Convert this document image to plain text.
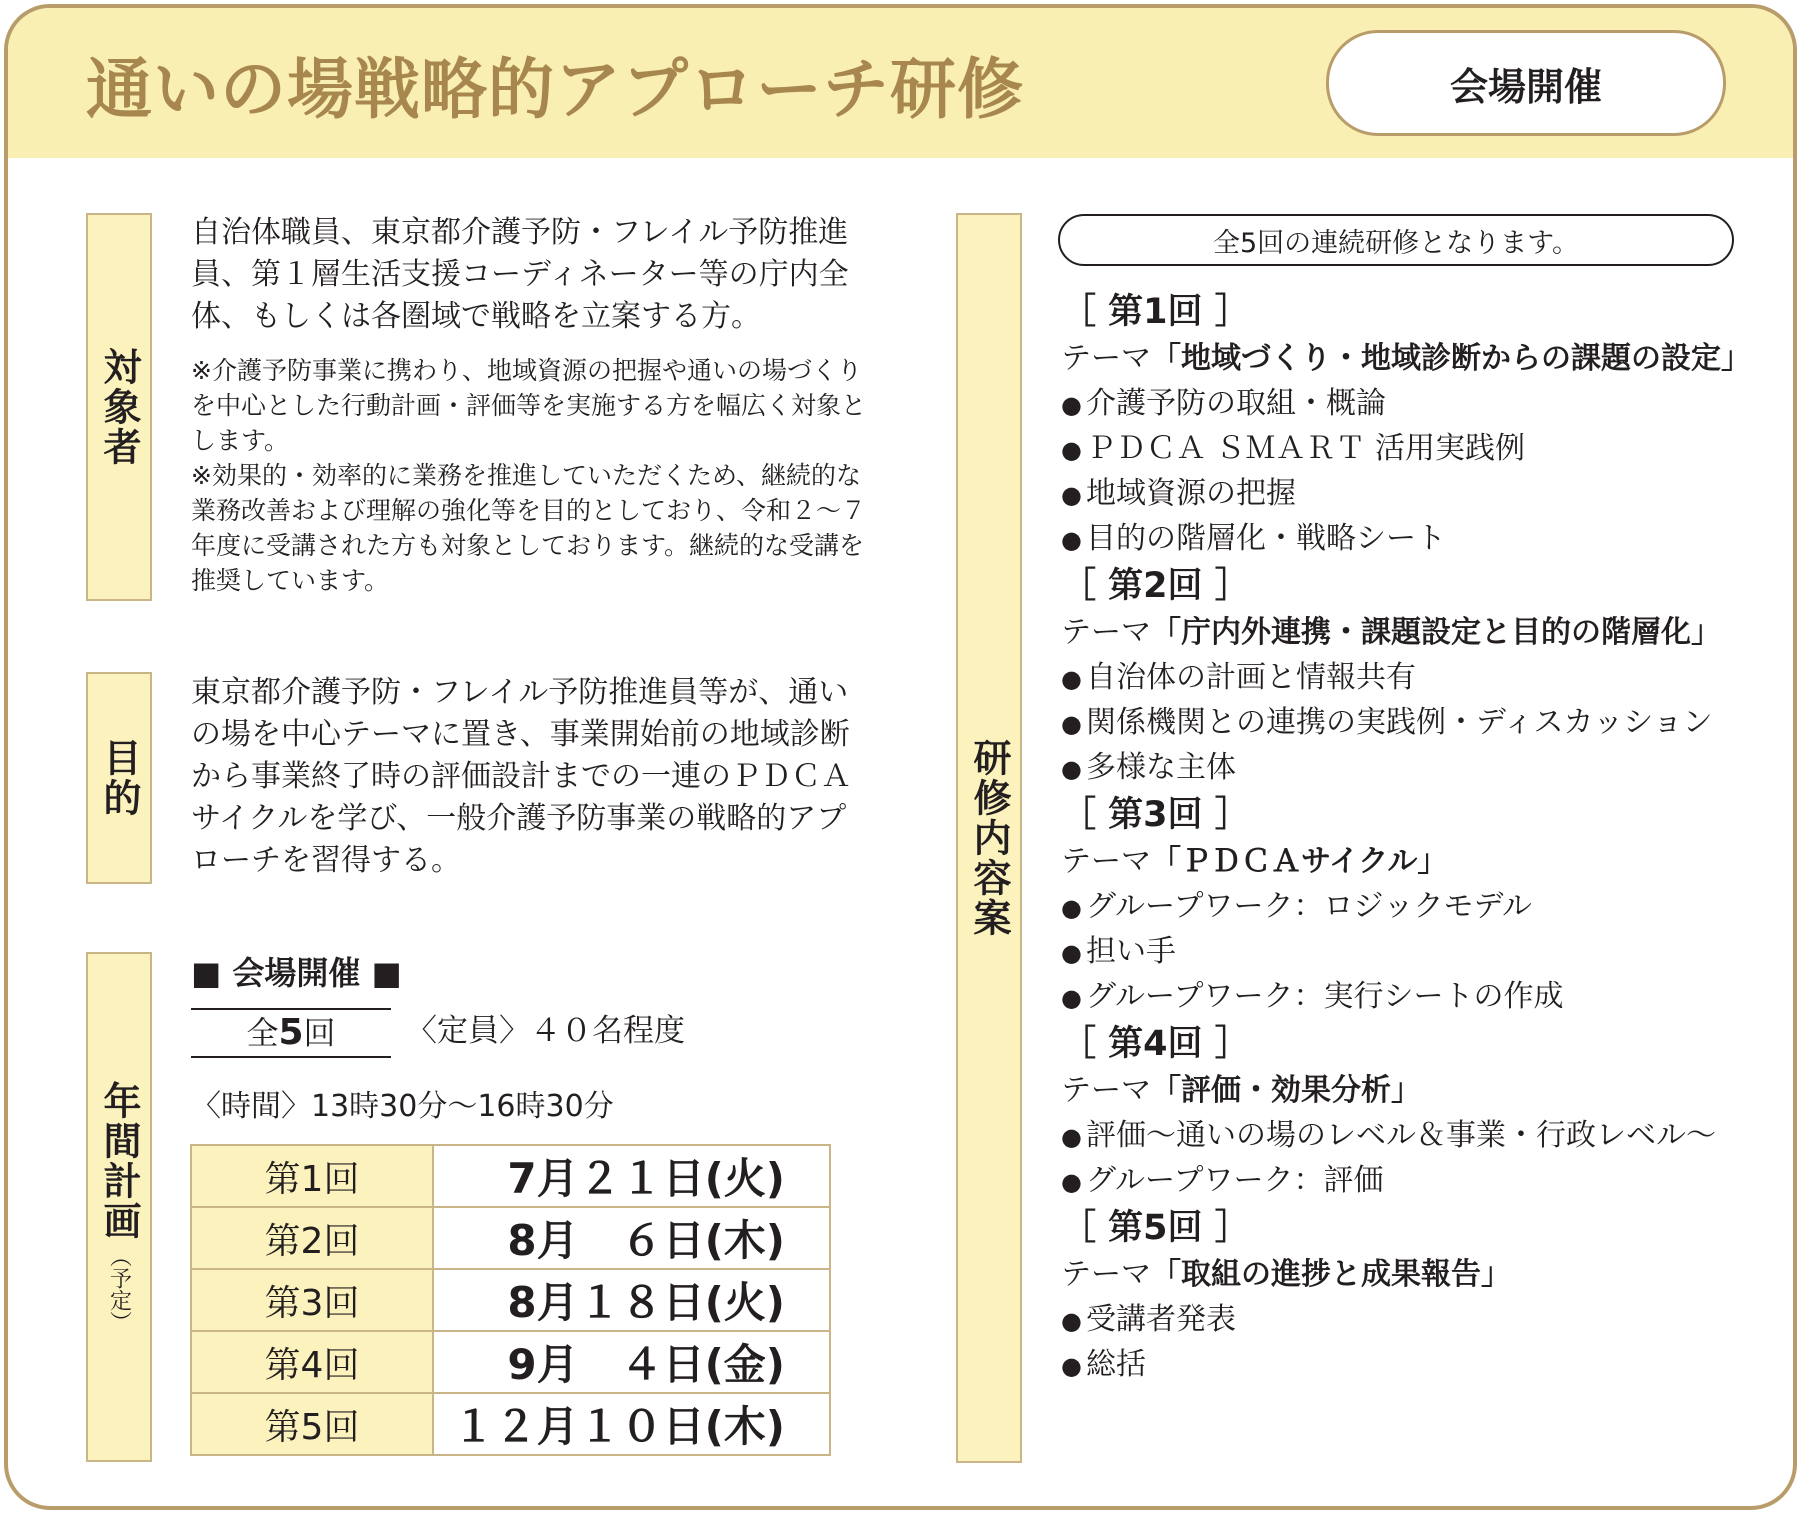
通いの場戦略的アプローチ研修	会場開催
対象者
自治体職員、東京都介護予防・フレイル予防推進員、第１層生活支援コーディネーター等の庁内全体、もしくは各圏域で戦略を立案する方。
※介護予防事業に携わり、地域資源の把握や通いの場づくりを中心とした行動計画・評価等を実施する方を幅広く対象とします。
※効果的・効率的に業務を推進していただくため、継続的な業務改善および理解の強化等を目的としており、令和２〜７年度に受講された方も対象としております。継続的な受講を推奨しています。
目的
東京都介護予防・フレイル予防推進員等が、通いの場を中心テーマに置き、事業開始前の地域診断から事業終了時の評価設計までの一連のＰＤＣＡサイクルを学び、一般介護予防事業の戦略的アプローチを習得する。
年間計画
（予定）
■ 会場開催 ■
全5回	〈定員〉４０名程度
〈時間〉13時30分〜16時30分
第1回	7月２１日(火)
第2回	8月　６日(木)
第3回	8月１８日(火)
第4回	9月　４日(金)
第5回	１２月１０日(木)
研修内容案
全5回の連続研修となります。
［ 第1回 ］
テーマ「地域づくり・地域診断からの課題の設定」
● 介護予防の取組・概論
● ＰＤＣＡ ＳＭＡＲＴ 活用実践例
● 地域資源の把握
● 目的の階層化・戦略シート
［ 第2回 ］
テーマ「庁内外連携・課題設定と目的の階層化」
● 自治体の計画と情報共有
● 関係機関との連携の実践例・ディスカッション
● 多様な主体
［ 第3回 ］
テーマ「ＰＤＣＡサイクル」
● グループワーク：ロジックモデル
● 担い手
● グループワーク：実行シートの作成
［ 第4回 ］
テーマ「評価・効果分析」
● 評価〜通いの場のレベル＆事業・行政レベル〜
● グループワーク：評価
［ 第5回 ］
テーマ「取組の進捗と成果報告」
● 受講者発表
● 総括
